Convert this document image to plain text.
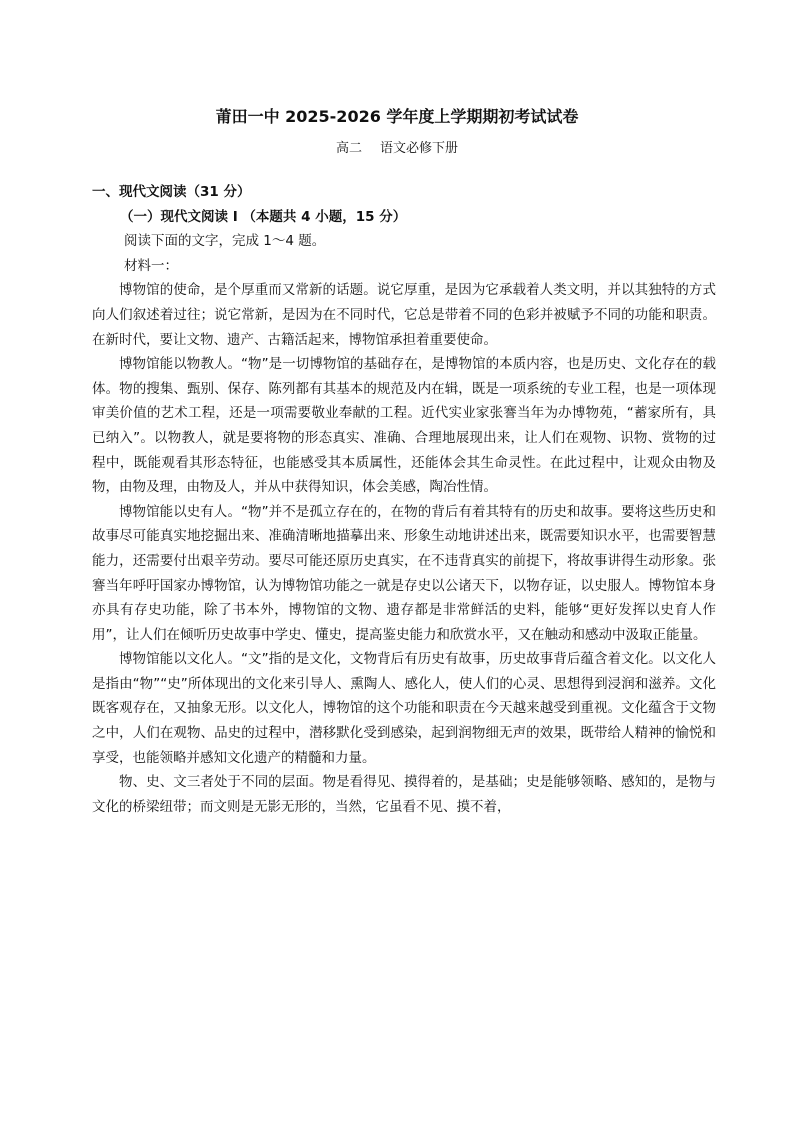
莆田一中 2025-2026 学年度上学期期初考试试卷
高二 语文必修下册
一、现代文阅读（31 分）
（一）现代文阅读 I （本题共 4 小题，15 分）
阅读下面的文字，完成 1～4 题。
材料一：

博物馆的使命，是个厚重而又常新的话题。说它厚重，是因为它承载着人类文明，并以其独特的方式向人们叙述着过往；说它常新，是因为在不同时代，它总是带着不同的色彩并被赋予不同的功能和职责。在新时代，要让文物、遗产、古籍活起来，博物馆承担着重要使命。

博物馆能以物教人。“物”是一切博物馆的基础存在，是博物馆的本质内容，也是历史、文化存在的载体。物的搜集、甄别、保存、陈列都有其基本的规范及内在辑，既是一项系统的专业工程，也是一项体现审美价值的艺术工程，还是一项需要敬业奉献的工程。近代实业家张謇当年为办博物苑，“蓄家所有，具已纳入”。以物教人，就是要将物的形态真实、准确、合理地展现出来，让人们在观物、识物、赏物的过程中，既能观看其形态特征，也能感受其本质属性，还能体会其生命灵性。在此过程中，让观众由物及物，由物及理，由物及人，并从中获得知识，体会美感，陶冶性情。

博物馆能以史有人。“物”并不是孤立存在的，在物的背后有着其特有的历史和故事。要将这些历史和故事尽可能真实地挖掘出来、准确清晰地描摹出来、形象生动地讲述出来，既需要知识水平，也需要智慧能力，还需要付出艰辛劳动。要尽可能还原历史真实，在不违背真实的前提下，将故事讲得生动形象。张謇当年呼吁国家办博物馆，认为博物馆功能之一就是存史以公诸天下，以物存证，以史服人。博物馆本身亦具有存史功能，除了书本外，博物馆的文物、遗存都是非常鲜活的史料，能够“更好发挥以史育人作用”，让人们在倾听历史故事中学史、懂史，提高鉴史能力和欣赏水平，又在触动和感动中汲取正能量。

博物馆能以文化人。“文”指的是文化，文物背后有历史有故事，历史故事背后蕴含着文化。以文化人是指由“物”“史”所体现出的文化来引导人、熏陶人、感化人，使人们的心灵、思想得到浸润和滋养。文化既客观存在，又抽象无形。以文化人，博物馆的这个功能和职责在今天越来越受到重视。文化蕴含于文物之中，人们在观物、品史的过程中，潜移默化受到感染，起到润物细无声的效果，既带给人精神的愉悦和享受，也能领略并感知文化遗产的精髓和力量。

物、史、文三者处于不同的层面。物是看得见、摸得着的，是基础；史是能够领略、感知的，是物与文化的桥梁纽带；而文则是无影无形的，当然，它虽看不见、摸不着，
